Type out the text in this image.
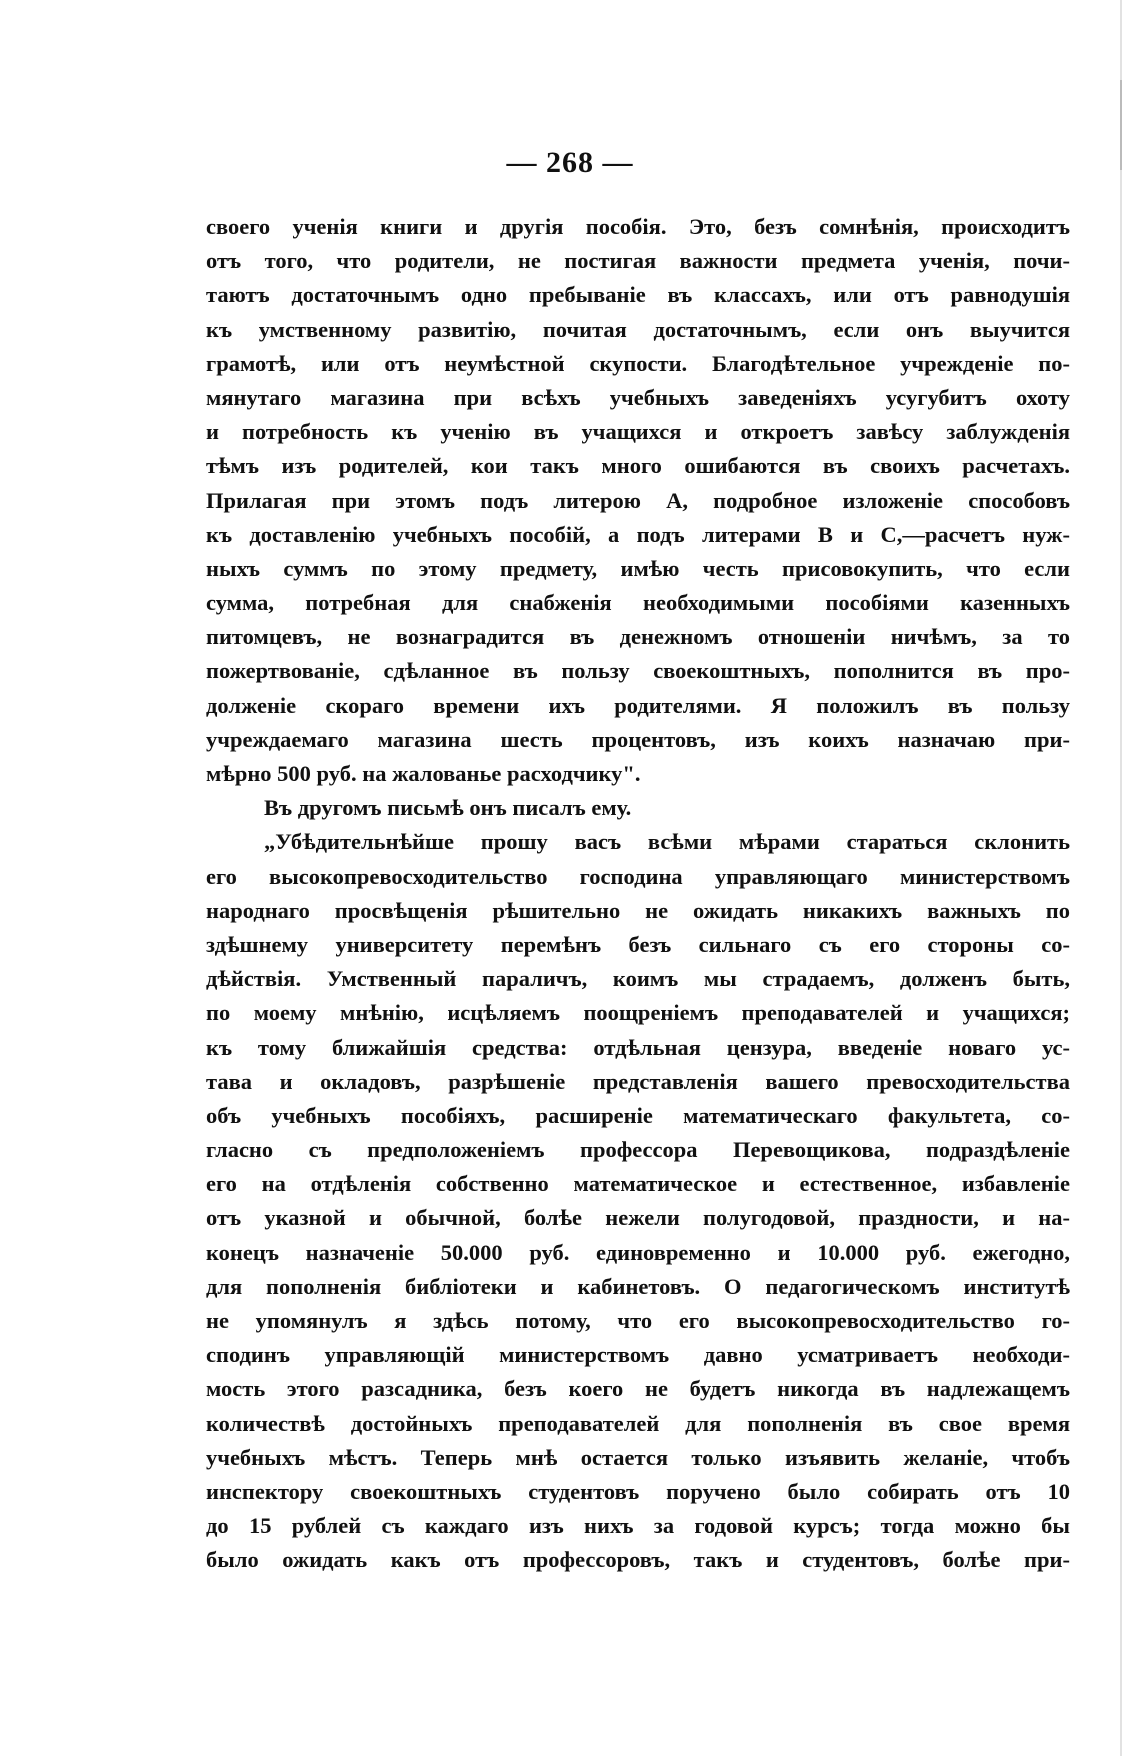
— 268 —
своего ученія книги и другія пособія. Это, безъ сомнѣнія, происходитъ
отъ того, что родители, не постигая важности предмета ученія, почи-
таютъ достаточнымъ одно пребываніе въ классахъ, или отъ равнодушія
къ умственному развитію, почитая достаточнымъ, если онъ выучится
грамотѣ, или отъ неумѣстной скупости. Благодѣтельное учрежденіе по-
мянутаго магазина при всѣхъ учебныхъ заведеніяхъ усугубитъ охоту
и потребность къ ученію въ учащихся и откроетъ завѣсу заблужденія
тѣмъ изъ родителей, кои такъ много ошибаются въ своихъ расчетахъ.
Прилагая при этомъ подъ литерою А, подробное изложеніе способовъ
къ доставленію учебныхъ пособій, а подъ литерами В и С,—расчетъ нуж-
ныхъ суммъ по этому предмету, имѣю честь присовокупить, что если
сумма, потребная для снабженія необходимыми пособіями казенныхъ
питомцевъ, не вознаградится въ денежномъ отношеніи ничѣмъ, за то
пожертвованіе, сдѣланное въ пользу своекоштныхъ, пополнится въ про-
долженіе скораго времени ихъ родителями. Я положилъ въ пользу
учреждаемаго магазина шесть процентовъ, изъ коихъ назначаю при-
мѣрно 500 руб. на жалованье расходчику".
Въ другомъ письмѣ онъ писалъ ему.
„Убѣдительнѣйше прошу васъ всѣми мѣрами стараться склонить
его высокопревосходительство господина управляющаго министерствомъ
народнаго просвѣщенія рѣшительно не ожидать никакихъ важныхъ по
здѣшнему университету перемѣнъ безъ сильнаго съ его стороны со-
дѣйствія. Умственный параличъ, коимъ мы страдаемъ, долженъ быть,
по моему мнѣнію, исцѣляемъ поощреніемъ преподавателей и учащихся;
къ тому ближайшія средства: отдѣльная цензура, введеніе новаго ус-
тава и окладовъ, разрѣшеніе представленія вашего превосходительства
объ учебныхъ пособіяхъ, расширеніе математическаго факультета, со-
гласно съ предположеніемъ профессора Перевощикова, подраздѣленіе
его на отдѣленія собственно математическое и естественное, избавленіе
отъ указной и обычной, болѣе нежели полугодовой, праздности, и на-
конецъ назначеніе 50.000 руб. единовременно и 10.000 руб. ежегодно,
для пополненія библіотеки и кабинетовъ. О педагогическомъ институтѣ
не упомянулъ я здѣсь потому, что его высокопревосходительство го-
сподинъ управляющій министерствомъ давно усматриваетъ необходи-
мость этого разсадника, безъ коего не будетъ никогда въ надлежащемъ
количествѣ достойныхъ преподавателей для пополненія въ свое время
учебныхъ мѣстъ. Теперь мнѣ остается только изъявить желаніе, чтобъ
инспектору своекоштныхъ студентовъ поручено было собирать отъ 10
до 15 рублей съ каждаго изъ нихъ за годовой курсъ; тогда можно бы
было ожидать какъ отъ профессоровъ, такъ и студентовъ, болѣе при-
